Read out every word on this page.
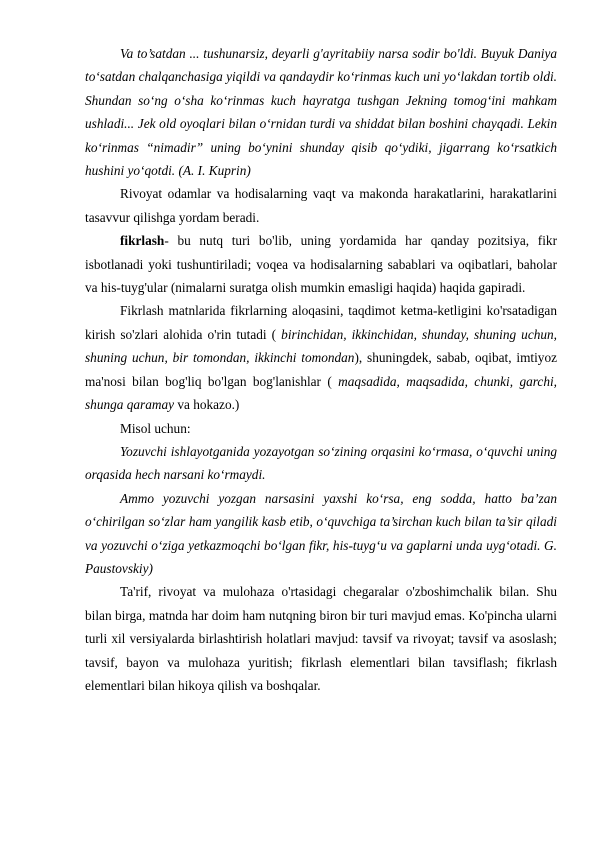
Va to’satdan ... tushunarsiz, deyarli g'ayritabiiy narsa sodir bo'ldi. Buyuk Daniya to‘satdan chalqanchasiga yiqildi va qandaydir ko‘rinmas kuch uni yo‘lakdan tortib oldi. Shundan so‘ng o‘sha ko‘rinmas kuch hayratga tushgan Jekning tomog‘ini mahkam ushladi... Jek old oyoqlari bilan o‘rnidan turdi va shiddat bilan boshini chayqadi. Lekin ko‘rinmas “nimadir” uning bo‘ynini shunday qisib qo‘ydiki, jigarrang ko‘rsatkich hushini yo‘qotdi. (A. I. Kuprin)

Rivoyat odamlar va hodisalarning vaqt va makonda harakatlarini, harakatlarini tasavvur qilishga yordam beradi.

fikrlash- bu nutq turi bo'lib, uning yordamida har qanday pozitsiya, fikr isbotlanadi yoki tushuntiriladi; voqea va hodisalarning sabablari va oqibatlari, baholar va his-tuyg'ular (nimalarni suratga olish mumkin emasligi haqida) haqida gapiradi.

Fikrlash matnlarida fikrlarning aloqasini, taqdimot ketma-ketligini ko'rsatadigan kirish so'zlari alohida o'rin tutadi ( birinchidan, ikkinchidan, shunday, shuning uchun, shuning uchun, bir tomondan, ikkinchi tomondan), shuningdek, sabab, oqibat, imtiyoz ma'nosi bilan bog'liq bo'lgan bog'lanishlar ( maqsadida, maqsadida, chunki, garchi, shunga qaramay va hokazo.)

Misol uchun:

Yozuvchi ishlayotganida yozayotgan so‘zining orqasini ko‘rmasa, o‘quvchi uning orqasida hech narsani ko‘rmaydi.

Ammo yozuvchi yozgan narsasini yaxshi ko‘rsa, eng sodda, hatto ba’zan o‘chirilgan so‘zlar ham yangilik kasb etib, o‘quvchiga ta’sirchan kuch bilan ta’sir qiladi va yozuvchi o‘ziga yetkazmoqchi bo‘lgan fikr, his-tuyg‘u va gaplarni unda uyg‘otadi. G. Paustovskiy)

Ta'rif, rivoyat va mulohaza o'rtasidagi chegaralar o'zboshimchalik bilan. Shu bilan birga, matnda har doim ham nutqning biron bir turi mavjud emas. Ko'pincha ularni turli xil versiyalarda birlashtirish holatlari mavjud: tavsif va rivoyat; tavsif va asoslash; tavsif, bayon va mulohaza yuritish; fikrlash elementlari bilan tavsiflash; fikrlash elementlari bilan hikoya qilish va boshqalar.
